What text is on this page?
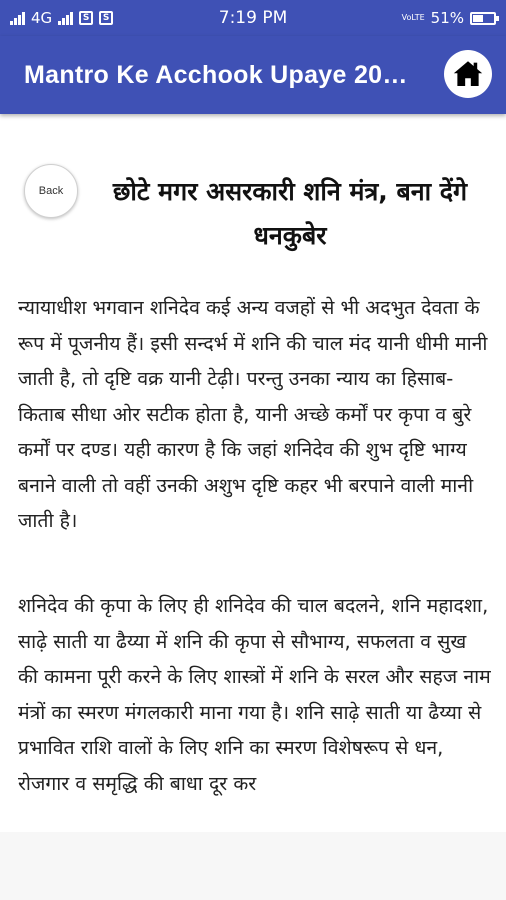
4G	S	S	7:19 PM	VoLTE 51%
Mantro Ke Acchook Upaye 20…
Back	छोटे मगर असरकारी शनि मंत्र, बना देंगे धनकुबेर
न्यायाधीश भगवान शनिदेव कई अन्य वजहों से भी अदभुत देवता के रूप में पूजनीय हैं। इसी सन्दर्भ में शनि की चाल मंद यानी धीमी मानी जाती है, तो दृष्टि वक्र यानी टेढ़ी। परन्तु उनका न्याय का हिसाब-किताब सीधा ओर सटीक होता है, यानी अच्छे कर्मों पर कृपा व बुरे कर्मों पर दण्ड। यही कारण है कि जहां शनिदेव की शुभ दृष्टि भाग्य बनाने वाली तो वहीं उनकी अशुभ दृष्टि कहर भी बरपाने वाली मानी जाती है।
शनिदेव की कृपा के लिए ही शनिदेव की चाल बदलने, शनि महादशा, साढ़े साती या ढैय्या में शनि की कृपा से सौभाग्य, सफलता व सुख की कामना पूरी करने के लिए शास्त्रों में शनि के सरल और सहज नाम मंत्रों का स्मरण मंगलकारी माना गया है। शनि साढ़े साती या ढैय्या से प्रभावित राशि वालों के लिए शनि का स्मरण विशेषरूप से धन, रोजगार व समृद्धि की बाधा दूर कर
